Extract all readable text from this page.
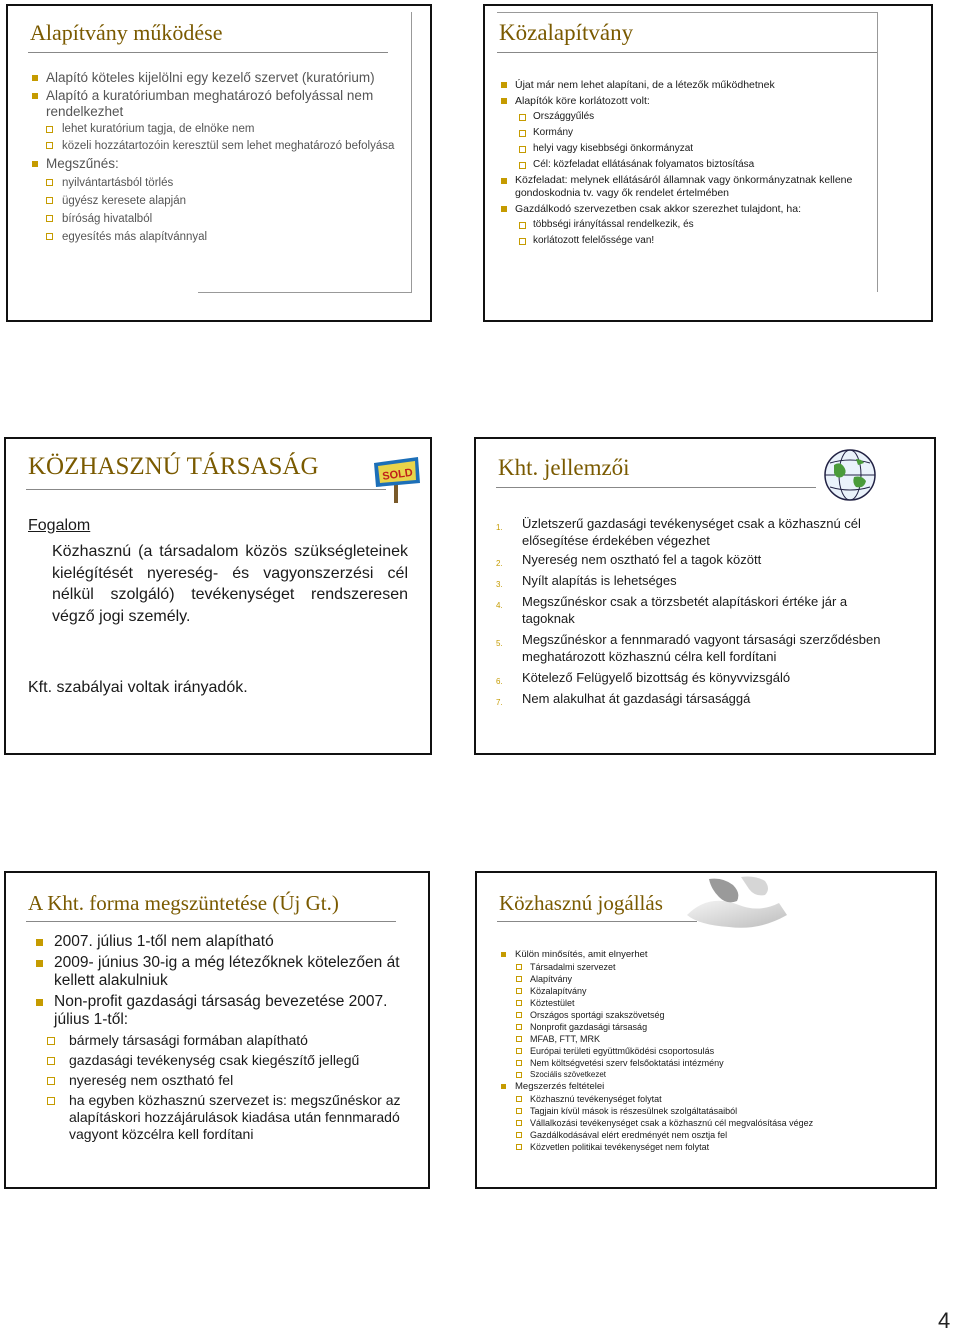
Alapítvány működése
Alapító köteles kijelölni egy kezelő szervet (kuratórium)
Alapító a kuratóriumban meghatározó befolyással nem rendelkezhet
lehet kuratórium tagja, de elnöke nem
közeli hozzátartozóin keresztül sem lehet meghatározó befolyása
Megszűnés:
nyilvántartásból törlés
ügyész keresete alapján
bíróság hivatalból
egyesítés más alapítvánnyal
Közalapítvány
Újat már nem lehet alapítani, de a létezők működhetnek
Alapítók köre korlátozott volt:
Országgyűlés
Kormány
helyi vagy kisebbségi önkormányzat
Cél: közfeladat ellátásának folyamatos biztosítása
Közfeladat: melynek ellátásáról államnak vagy önkormányzatnak kellene gondoskodnia tv. vagy ők rendelet értelmében
Gazdálkodó szervezetben csak akkor szerezhet tulajdont, ha:
többségi irányítással rendelkezik, és
korlátozott felelőssége van!
KÖZHASZNÚ TÁRSASÁG	SOLD
Fogalom
Közhasznú (a társadalom közös szükségleteinek kielégítését nyereség- és vagyonszerzési cél nélkül szolgáló) tevékenységet rendszeresen végző jogi személy.
Kft. szabályai voltak irányadók.
Kht. jellemzői
1. Üzletszerű gazdasági tevékenységet csak a közhasznú cél elősegítése érdekében végezhet
2. Nyereség nem osztható fel a tagok között
3. Nyílt alapítás is lehetséges
4. Megszűnéskor csak a törzsbetét alapításkori értéke jár a tagoknak
5. Megszűnéskor a fennmaradó vagyont társasági szerződésben meghatározott közhasznú célra kell fordítani
6. Kötelező Felügyelő bizottság és könyvvizsgáló
7. Nem alakulhat át gazdasági társasággá
A Kht. forma megszüntetése (Új Gt.)
2007. július 1-től nem alapítható
2009- június 30-ig a még létezőknek kötelezően át kellett alakulniuk
Non-profit gazdasági társaság bevezetése 2007. július 1-től:
bármely társasági formában alapítható
gazdasági tevékenység csak kiegészítő jellegű
nyereség nem osztható fel
ha egyben közhasznú szervezet is: megszűnéskor az alapításkori hozzájárulások kiadása után fennmaradó vagyont közcélra kell fordítani
Közhasznú jogállás
Külön minősítés, amit elnyerhet
Társadalmi szervezet
Alapítvány
Közalapítvány
Köztestület
Országos sportági szakszövetség
Nonprofit gazdasági társaság
MFAB, FTT, MRK
Európai területi együttműködési csoportosulás
Nem költségvetési szerv felsőoktatási intézmény
Szociális szövetkezet
Megszerzés feltételei
Közhasznú tevékenységet folytat
Tagjain kívül mások is részesülnek szolgáltatásaiból
Vállalkozási tevékenységet csak a közhasznú cél megvalósítása végez
Gazdálkodásával elért eredményét nem osztja fel
Közvetlen politikai tevékenységet nem folytat
4
